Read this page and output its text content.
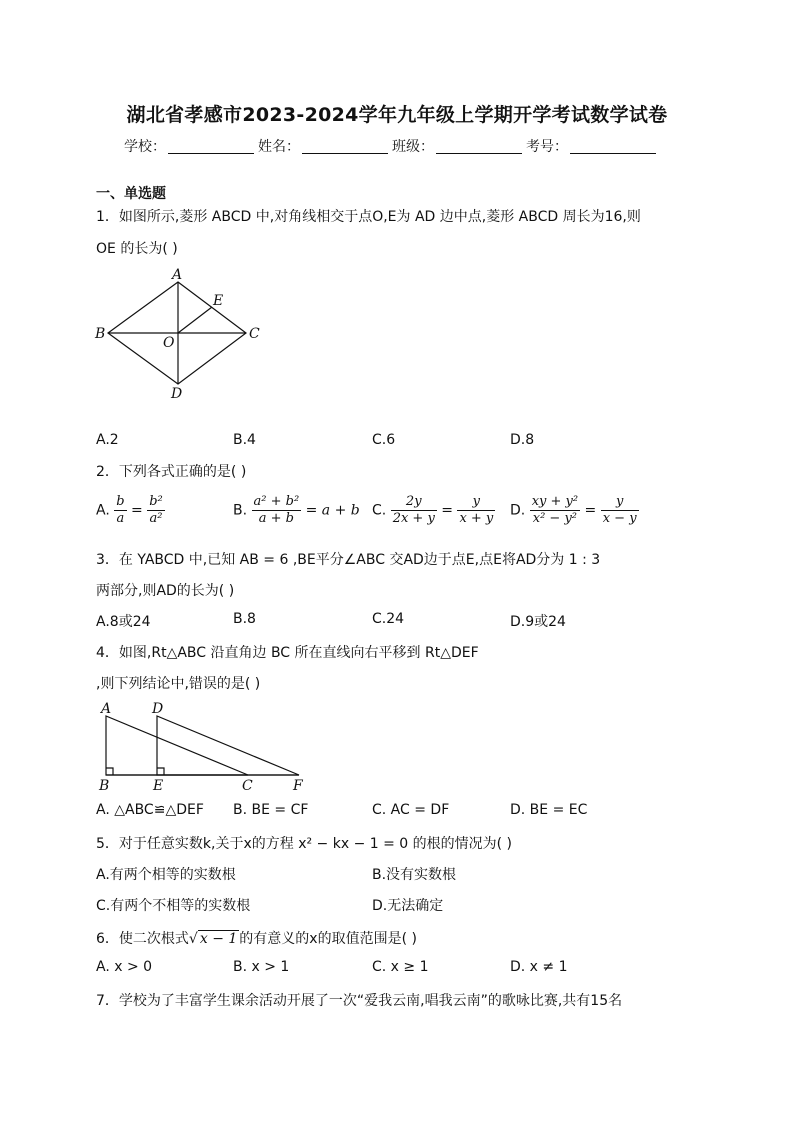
湖北省孝感市2023-2024学年九年级上学期开学考试数学试卷
学校：	姓名：	班级：	考号：
一、单选题
1．如图所示,菱形 ABCD 中,对角线相交于点O,E为 AD 边中点,菱形 ABCD 周长为16,则
OE 的长为( )
A
E
B	C
O
D
A.2	B.4	C.6	D.8
2．下列各式正确的是( )
A. $\frac{b}{a} = \frac{\text{b²}}{\text{a²}}$	B. $\frac{\text{a² + b²}}{a + b} = a + b$ C. $\frac{2y}{2x + y} = \frac{y}{x + y} D$. $\frac{\text{xy + y²}}{\text{x² − y²}} = \frac{y}{x - y}$
3．在 YABCD 中,已知 AB = 6 ,BE平分∠ABC 交AD边于点E,点E将AD分为 1 : 3
两部分,则AD的长为( )
A.8或24	B.8	C.24	D.9或24
4．如图,Rt△ABC 沿直角边 BC 所在直线向右平移到 Rt△DEF
,则下列结论中,错误的是( )
A	D
B	E	C	F
A. △ABC≌△DEF B. BE = CF	C. AC = DF	D. BE = EC
5．对于任意实数k,关于x的方程 x² − kx − 1 = 0 的根的情况为( )
A.有两个相等的实数根	B.没有实数根
C.有两个不相等的实数根	D.无法确定
6．使二次根式√ x − 1 的有意义的x的取值范围是( )
A. x > 0	B. x > 1	C. x ≥ 1	D. x ≠ 1
7．学校为了丰富学生课余活动开展了一次“爱我云南,唱我云南”的歌咏比赛,共有15名
